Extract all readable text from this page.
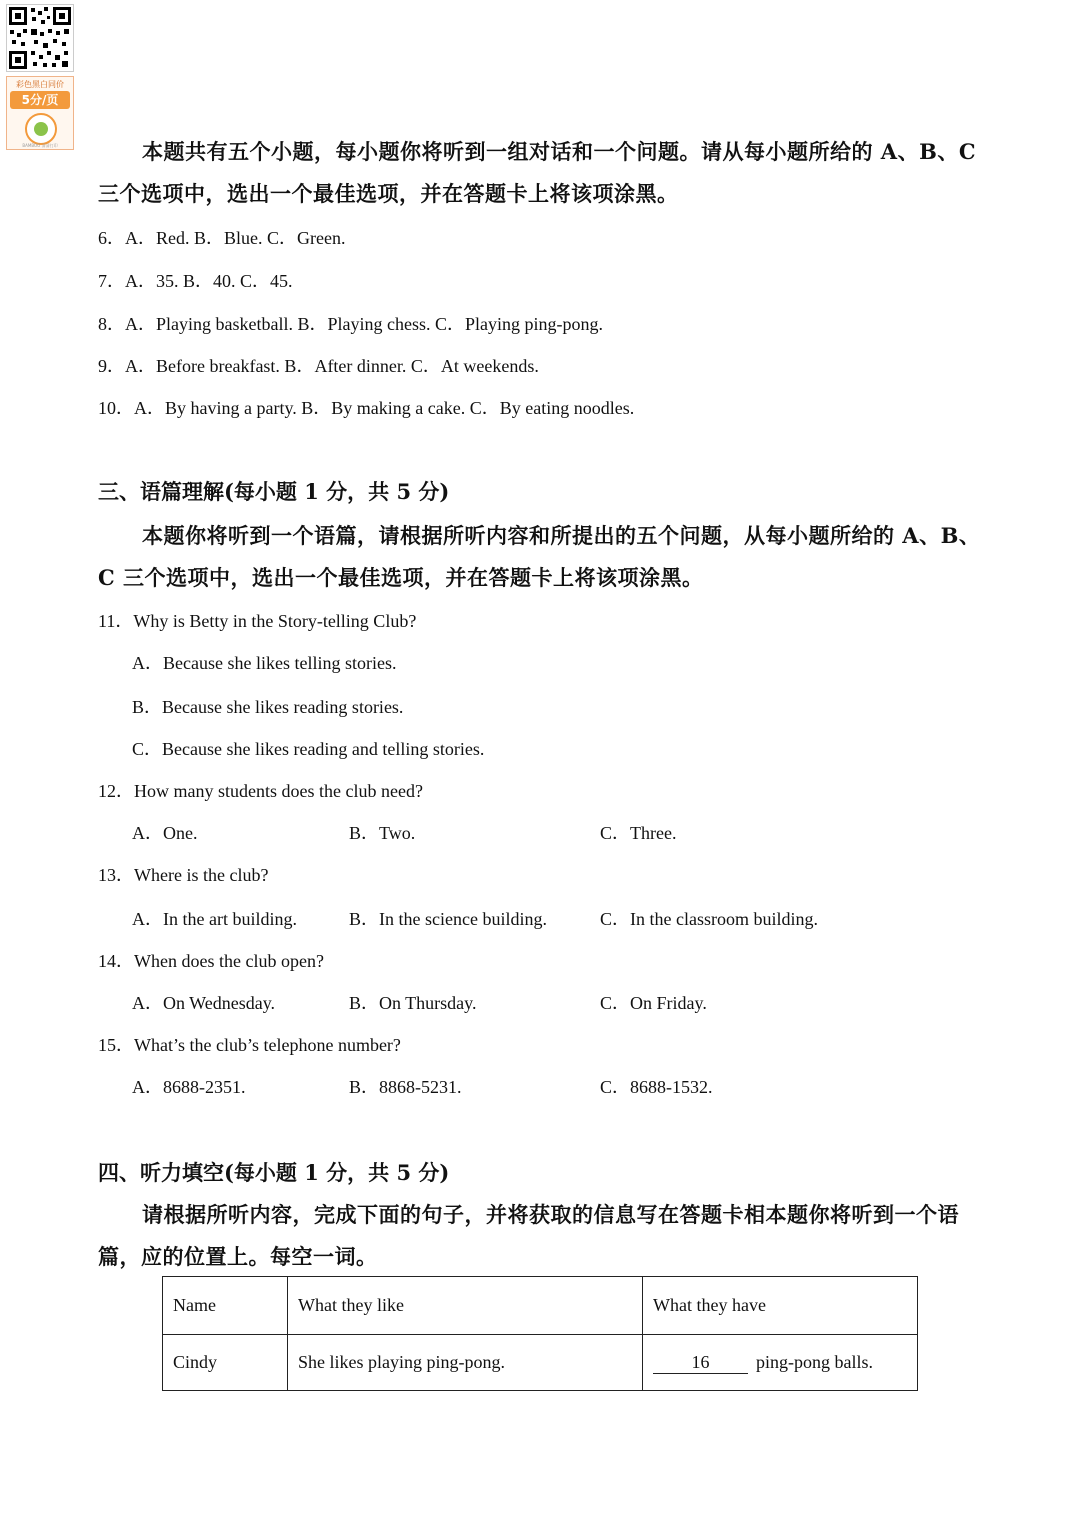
彩色黑白同价
5分/页
BAMBOO 清清打印	本题共有五个小题，每小题你将听到一组对话和一个问题。请从每小题所给的 A、B、C
三个选项中，选出一个最佳选项，并在答题卡上将该项涂黑。
6．A．Red. B．Blue. C．Green.
7．A．35. B．40. C．45.
8．A．Playing basketball. B．Playing chess. C．Playing ping-pong.
9．A．Before breakfast. B．After dinner. C．At weekends.
10．A．By having a party. B．By making a cake. C．By eating noodles.
三、语篇理解(每小题 1 分，共 5 分)
本题你将听到一个语篇，请根据所听内容和所提出的五个问题，从每小题所给的 A、B、
C 三个选项中，选出一个最佳选项，并在答题卡上将该项涂黑。
11．Why is Betty in the Story-telling Club?
A．Because she likes telling stories.
B．Because she likes reading stories.
C．Because she likes reading and telling stories.
12．How many students does the club need?
A．One.	B．Two.	C．Three.
13．Where is the club?
A．In the art building.	B．In the science building.	C．In the classroom building.
14．When does the club open?
A．On Wednesday.	B．On Thursday.	C．On Friday.
15．What’s the club’s telephone number?
A．8688-2351.	B．8868-5231.	C．8688-1532.
四、听力填空(每小题 1 分，共 5 分)
请根据所听内容，完成下面的句子，并将获取的信息写在答题卡相本题你将听到一个语
篇，应的位置上。每空一词。
Name	What they like	What they have
Cindy	She likes playing ping-pong.	16 ping-pong balls.
